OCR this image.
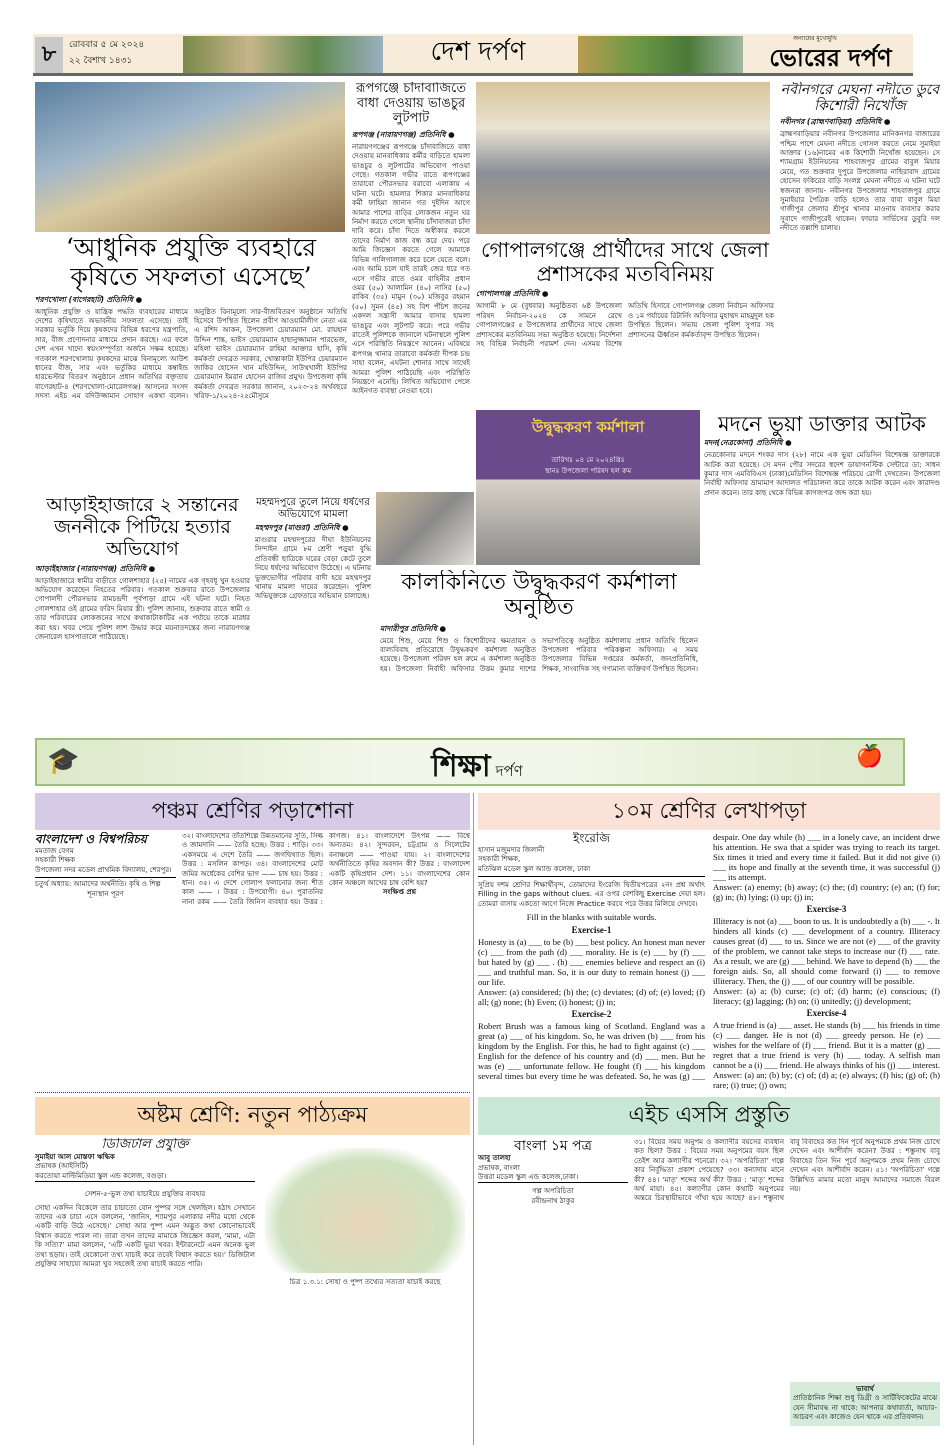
৮	রোববার ৫ মে ২০২৪
২২ বৈশাখ ১৪৩১	দেশ দর্পণ	অন্যায়ের মুখোমুখি
ভোরের দর্পণ
‘আধুনিক প্রযুক্তি ব্যবহারে কৃষিতে সফলতা এসেছে’
শরণখোলা (বাগেরহাট) প্রতিনিধি ●
আধুনিক প্রযুক্তি ও যান্ত্রিক পদ্ধতি ব্যবহারের মাধ্যমে দেশের কৃষিখাতে অভাবনীয় সফলতা এসেছে। তাই সরকার ভর্তুকি দিয়ে কৃষকদের বিভিন্ন ধরণের যন্ত্রপাতি, সার, বীজ প্রণোদনার মাধ্যমে প্রদান করছে। এর ফলে দেশ এখন খাদ্যে স্বয়ংসম্পূর্ণতা অর্জনে সক্ষম হয়েছে। গতকাল শরণখোলায় কৃষকদের মাঝে বিনামূল্যে আউশ ধানের বীজ, সার এবং ভর্তুকির মাধ্যমে কম্বাইন্ড হারভেস্টার বিতরণ অনুষ্ঠানে প্রধান অতিথির বক্তৃতায় বাগেরহাট-৪ (শরণখোলা-মোরেলগঞ্জ) আসনের সংসদ সদস্য এইচ এম বদিউজ্জামান সোহাগ একথা বলেন। অনুষ্ঠিত বিনামূল্যে সার-বীজবিতরণ অনুষ্ঠানে অতিথি হিসেবে উপস্থিত ছিলেন প্রবীণ আওয়ামীলীগ নেতা এম এ রশিদ আকন, উপজেলা চেয়ারম্যান মো. রায়হান উদ্দিন শান্ত, ভাইস চেয়ারম্যান হাছানুজ্জামান পারভেজ, মহিলা ভাইস চেয়ারম্যান রাহিমা আক্তার হাসি, কৃষি কর্মকর্তা দেবব্রত সরকার, খোন্তাকাটা ইউপির চেয়ারম্যান জাকির হোসেন খান মহিউদ্দিন, সাউথখালী ইউপির চেয়ারম্যান ইমরান হোসেন রাজিব প্রমুখ। উপজেলা কৃষি কর্মকর্তা দেবব্রত সরকার জানান, ২০২৩-২৪ অর্থবছরে খরিফ-১/২০২৪-২৫মৌসুমে
রূপগঞ্জে চাঁদাবাজিতে বাধা দেওয়ায় ভাঙচুর লুটপাট
রূপগঞ্জ (নারায়ণগঞ্জ) প্রতিনিধি ●
নারায়ণগঞ্জের রূপগঞ্জে চাঁদাবাজিতে বাধা দেওয়ায় মানবাধিকার কর্মীর বাড়িতে হামলা ভাঙচুর ও লুটপাটের অভিযোগ পাওয়া গেছে। গতকাল গভীর রাতে রূপগঞ্জের তারাবো পৌরসভার বরাবো এলাকায় এ ঘটনা ঘটে। হামলার শিকার মানবাধিকার কর্মী ফাহিমা জানান গত দুইদিন আগে আমার পাশের বাড়ির লোকজন নতুন ঘর নির্মাণ করতে গেলে স্থানীয় চাঁদাবাজরা চাঁদা দাবি করে। চাঁদা দিতে অস্বীকার করলে তাদের নির্মাণ কাজ বন্ধ করে দেয়। পরে আমি জিজ্ঞেস করতে গেলে আমাকে বিভিন্ন গালিগালাজ করে চলে যেতে বলে। এবং আমি চলে যাই তারই জের ধরে গত এসে গভীর রাতে ওমর বাহিনীর প্রধান ওমর (৫০) আলামিন (৪০) নাসির (৫০) রাকিব (৩৫) মামুন (৩০) মজিবুর রহমান (৫০) সুমন (৪৫) সহ বিশ পঁচিশ জনের একদল সন্ত্রাসী আমার বাসায় হামলা ভাঙচুর এবং লুটপাট করে। পরে গভীর রাতেই পুলিশকে জানালে ঘটনাস্থলে পুলিশ এসে পরিস্থিতি নিয়ন্ত্রণে আনেন। এবিষয়ে রূপগঞ্জ থানার তারাবো কর্মকর্তা দীপক চন্দ্র সাহা বলেন, এঘটনা শোনার সাথে সাথেই আমরা পুলিশ পাঠিয়েছি এবং পরিস্থিতি নিয়ন্ত্রণে এনেছি। লিখিত অভিযোগ পেলে আইনগত ব্যবস্থা নেওয়া হবে।
গোপালগঞ্জে প্রার্থীদের সাথে জেলা প্রশাসকের মতবিনিময়
গোপালগঞ্জ প্রতিনিধি ●
আগামী ৮ মে (বুধবার) অনুষ্ঠিতব্য ৬ষ্ঠ উপজেলা পরিষদ নির্বাচন-২০২৪ কে সামনে রেখে গোপালগঞ্জের ৫ উপজেলার প্রার্থীদের সাথে জেলা প্রশাসকের মতবিনিময় সভা অনুষ্ঠিত হয়েছে। নির্দেশনা সহ বিভিন্ন নির্বাচনী পরামর্শ দেন। এসময় বিশেষ অতিথি হিসাবে গোপালগঞ্জ জেলা নির্বাচন অফিসার ও ১ম পর্যায়ের রিটার্নিং অফিসার মুহাম্মদ মাহমুদুল হক উপস্থিত ছিলেন। সভায় জেলা পুলিশ সুপার সহ প্রশাসনের ঊর্ধ্বতন কর্মকর্তাবৃন্দ উপস্থিত ছিলেন।
নবীনগরে মেঘনা নদীতে ডুবে কিশোরী নিখোঁজ
নবীনগর (ব্রাহ্মণবাড়িয়া) প্রতিনিধি ●
ব্রাহ্মণবাড়িয়ার নবীনগর উপজেলার মানিকনগর বাজারের পশ্চিম পাশে মেঘনা নদীতে গোসল করতে নেমে সুমাইয়া আক্তার (১৬)নামের এক কিশোরী নিখোঁজ হয়েছেন। সে শ্যামগ্রাম ইউনিয়নের শাহবাজপুর গ্রামের বাবুল মিয়ার মেয়ে, গত শুক্রবার দুপুরে উপজেলার নাছিরাবাদ গ্রামের হোসেন ফকিরের বাড়ি সংলগ্ন মেঘনা নদীতে এ ঘটনা ঘটে স্বজনরা জানায়- নবীনগর উপজেলার শাহবাজপুর গ্রামে সুমাইয়ার পৈত্রিক বাড়ি হলেও তার বাবা বাবুল মিয়া গাজীপুর জেলার শ্রীপুর থানার মাওনায় ব্যবসার করার সুবাদে গাজীপুরেই থাকেন। ফায়ার সার্ভিসের ডুবুরি দল নদীতে তল্লাশি চালায়।
আড়াইহাজারে ২ সন্তানের জননীকে পিটিয়ে হত্যার অভিযোগ
আড়াইহাজার (নারায়ণগঞ্জ) প্রতিনিধি ●
আড়াইহাজারে স্বামীর বাড়ীতে গোলশাহার (২৫) নামের এক গৃহবধূ খুন হওয়ার অভিযোগ করেছেন নিহতের পরিবার। গতকাল শুক্রবার রাতে উপজেলার গোপালদী পৌরসভার রামচন্দ্রদী পূর্বপাড়া গ্রামে এই ঘটনা ঘটে। নিহত গোলশাহার ওই গ্রামের ফরিদ মিয়ার স্ত্রী। পুলিশ জানায়, শুক্রবার রাতে স্বামী ও তার পরিবারের লোকজনের সাথে কথাকাটাকাটির এক পর্যায়ে তাকে মারধর করা হয়। খবর পেয়ে পুলিশ লাশ উদ্ধার করে ময়নাতদন্তের জন্য নারায়ণগঞ্জ জেনারেল হাসপাতালে পাঠিয়েছে।
মহম্মদপুরে তুলে নিয়ে ধর্ষণের অভিযোগে মামলা
মহম্মদপুর (মাগুরা) প্রতিনিধি ●
মাগুরার মহম্মদপুরের দীঘা ইউনিয়নের সিন্দাইন গ্রামে ৮ম শ্রেণী পড়ুয়া বুদ্ধি প্রতিবন্ধী ছাত্রিকে ঘরের বেড়া কেটে তুলে নিয়ে ধর্ষণের অভিযোগ উঠেছে। এ ঘটনায় ভুক্তভোগীর পরিবার বাদী হয়ে মহম্মদপুর থানায় মামলা দায়ের করেছেন। পুলিশ অভিযুক্তকে গ্রেফতারে অভিযান চালাচ্ছে।
উদ্বুদ্ধকরণ কর্মশালা
তারিখঃ ০৪ মে ২০২৪খ্রিঃ
স্থানঃ উপজেলা পরিষদ হল রুম
কালকিনিতে উদ্বুদ্ধকরণ কর্মশালা অনুষ্ঠিত
মাদারীপুর প্রতিনিধি ●
মেয়ে শিশু, মেয়ে শিশু ও কিশোরীদের ক্ষমতায়ন ও বাল্যবিবাহ প্রতিরোধে উদ্বুদ্ধকরণ কর্মশালা অনুষ্ঠিত হয়েছে। উপজেলা পরিষদ হল রুমে এ কর্মশালা অনুষ্ঠিত হয়। উপজেলা নির্বাহী অফিসার উত্তম কুমার দাশের সভাপতিত্বে অনুষ্ঠিত কর্মশালায় প্রধান অতিথি ছিলেন উপজেলা পরিবার পরিকল্পনা অফিসার। এ সময় উপজেলার বিভিন্ন দপ্তরের কর্মকর্তা, জনপ্রতিনিধি, শিক্ষক, সাংবাদিক সহ গণ্যমান্য ব্যক্তিবর্গ উপস্থিত ছিলেন।
মদনে ভুয়া ডাক্তার আটক
মদন(নেত্রকোনা) প্রতিনিধি ●
নেত্রকোনার মদনে শংকর দাস (২৮) নামে এক ভুয়া মেডিসিন বিশেষজ্ঞ ডাক্তারকে আটক করা হয়েছে। সে মদন পৌর সদরের স্বদেশ ডায়াগনস্টিক সেন্টারে ডা: সাধন কুমার দাস এমবিবিএস (ঢাকা)মেডিসিন বিশেষজ্ঞ পরিচয়ে রোগী দেখতেন। উপজেলা নির্বাহী অফিসার ভ্রাম্যমাণ আদালত পরিচালনা করে তাকে আটক করেন এবং কারাদণ্ড প্রদান করেন। তার কাছ থেকে বিভিন্ন কাগজপত্র জব্দ করা হয়।
🎓	🍎
শিক্ষা দর্পণ
পঞ্চম শ্রেণির পড়াশোনা
বাংলাদেশ ও বিশ্বপরিচয়
মমতাজ বেগম
সহকারী শিক্ষক
উপজেলা সদর মডেল প্রাথমিক বিদ্যালয়, শেরপুর।
চতুর্থ অধ্যায়: আমাদের অর্থনীতি। কৃষি ও শিল্প
শূন্যস্থান পূরণ
৩২। বাংলাদেশের তাঁতশিল্পে উন্নতমানের সুতি, সিল্ক ও জামদানি —— তৈরি হচ্ছে। উত্তর : শাড়ি। ৩৩। একসময়ে এ দেশে তৈরি —— জগদ্বিখ্যাত ছিল। উত্তর : মসলিন কাপড়। ৩৪। বাংলাদেশের মোট জমির অর্ধেকের বেশির ভাগ —— চাষ হয়। উত্তর : ধান। ৩৫। এ দেশে গোলাপ ফলানোর জন্য শীত কাল —— । উত্তর : উপযোগী। ৪০। পুরাতনির নানা রকম —— তৈরি জিনিস ব্যবহার হয়। উত্তর : কাগজ। ৪১। বাংলাদেশে উৎপন্ন —— বিশ্বে অন্যতম। ৪২। সুন্দরবন, চট্টগ্রাম ও সিলেটের বনাঞ্চলে —— পাওয়া যায়। ২। বাংলাদেশের অর্থনীতিতে কৃষির অবদান কী? উত্তর : বাংলাদেশ একটি কৃষিপ্রধান দেশ। ১১। বাংলাদেশের কোন কোন অঞ্চলে আখের চাষ বেশি হয়?
সংক্ষিপ্ত প্রশ্ন
১০ম শ্রেণির লেখাপড়া
ইংরেজি
হাসান মজুমদার জিলানী
সহকারী শিক্ষক,
মতিঝিল মডেল স্কুল অ্যান্ড কলেজ, ঢাকা
সুপ্রিয় দশম শ্রেণির শিক্ষার্থীবৃন্দ, তোমাদের ইংরেজি দ্বিতীয়পত্রের ২নং প্রশ্ন অর্থাৎ Filling in the gaps without clues. এর ওপর বেশকিছু Exercise দেয়া হল। তোমরা বাসায় একতো আগে নিজে Practice করবে পরে উত্তর মিলিয়ে দেখবে।
Fill in the blanks with suitable words.
Exercise-1
Honesty is (a) ___ to be (b) ___ best policy. An honest man never (c) ___ from the path (d) ___ morality. He is (e) ___ by (f) ___ but hated by (g) ___ . (h) ___ enemies believe and respect an (i) ___ and truthful man. So, it is our duty to remain honest (j) ___ our life.
Answer: (a) considered; (b) the; (c) deviates; (d) of; (e) loved; (f) all; (g) none; (h) Even; (i) honest; (j) in;
Exercise-2
Robert Brush was a famous king of Scotland. England was a great (a) ___ of his kingdom. So, he was driven (b) ___ from his kingdom by the English. For this, he had to fight against (c) ___ English for the defence of his country and (d) ___ men. But he was (e) ___ unfortunate fellow. He fought (f) ___ his kingdom several times but every time he was defeated. So, he was (g) ___ despair. One day while (h) ___ in a lonely cave, an incident drwe his attention. He swa that a spider was trying to reach its target. Six times it tried and every time it failed. But it did not give (i) ___ its hope and finally at the seventh time, it was successful (j) ___ its attempt.
Answer: (a) enemy; (b) away; (c) the; (d) country; (e) an; (f) for; (g) in; (h) lying; (i) up; (j) in;
Exercise-3
Illiteracy is not (a) ___ boon to us. It is undoubtedly a (b) ___ -. It hinders all kinds (c) ___ development of a country. Illiteracy causes great (d) ___ to us. Since we are not (e) ___ of the gravity of the problem, we cannot take steps to increase our (f) ___ rate. As a result, we are (g) ___ behind. We have to depend (h) ___ the foreign aids. So, all should come forward (i) ___ to remove illiteracy. Then, the (j) ___ of our country will be possible.
Answer: (a) a; (b) curse; (c) of; (d) harm; (e) conscious; (f) literacy; (g) lagging; (h) on; (i) unitedly; (j) development;
Exercise-4
A true friend is (a) ___ asset. He stands (b) ___ his friends in time (c) ___ danger. He is not (d) ___ greedy person. He (e) ___ wishes for the welfare of (f) ___ friend. But it is a matter (g) ___ regret that a true friend is very (h) ___ today. A selfish man cannot be a (i) ___ friend. He always thinks of his (j) ___ interest.
Answer: (a) an; (b) by; (c) of; (d) a; (e) always; (f) his; (g) of; (h) rare; (i) true; (j) own;
অষ্টম শ্রেণি: নতুন পাঠ্যক্রম
ডিজিটাল প্রযুক্তি
সুমাইয়া আল মোস্তফা ঋদ্ধিক
প্রভাষক (আইসিটি)
করতোয়া মাল্টিমিডিয়া স্কুল এন্ড কলেজ, বগুড়া।
সেশন-৫-ভুল তথ্য যাচাইয়ে প্রযুক্তির ব্যবহার
সোহা একদিন বিকেলে তার চাচাতো বোন পুষ্পর সঙ্গে খেলছিল। হঠাৎ সেখানে তাদের এক চাচা এসে বললেন, ‘জানিস, শ্যামপুর এলাকার নদীর মধ্যে থেকে একটি বাড়ি উঠে এসেছে।’ সোহা আর পুষ্প এমন অদ্ভুত কথা কোনোভাবেই বিশ্বাস করতে পারল না। তারা তখন তাদের মামাকে জিজ্ঞেস করল, ‘মামা, এটা কি সত্যি?’ মামা বললেন, ‘এটি একটি ভুয়া খবর। ইন্টারনেটে এমন অনেক ভুল তথ্য ছড়ায়। তাই যেকোনো তথ্য যাচাই করে তবেই বিশ্বাস করতে হয়।’ ডিজিটাল প্রযুক্তির সাহায্যে আমরা খুব সহজেই তথ্য যাচাই করতে পারি।
চিত্র ১.৩.১: সোহা ও পুষ্প তথ্যের সত্যতা যাচাই করছে
এইচ এসসি প্রস্তুতি
বাংলা ১ম পত্র
আবু তালহা
প্রভাষক, বাংলা
উত্তরা মডেল স্কুল এন্ড কলেজ,ঢাকা।
গল্প অপরিচিতা
রবীন্দ্রনাথ ঠাকুর
৩১। বিয়ের সময় অনুপম ও কল্যাণীর বয়সের ব্যবধান কত ছিল? উত্তর : বিয়ের সময় অনুপমের বয়স ছিল তেইশ আর কল্যাণীর পনেরো। ৩২। ‘অপরিচিতা’ গল্পে কার নির্বুদ্ধিতা প্রকাশ পেয়েছে? ৩৩। কন্যাদায় মানে কী? ৪৪। ‘মাতৃ’ শব্দের অর্থ কী? উত্তর : ‘মাতৃ’ শব্দের অর্থ মায়া। ৪৫। কল্যাণীর কোন কথাটি অনুপমের অন্তরে চিরস্থায়ীভাবে গাঁথা হয়ে আছে? ৪৮। শম্ভুনাথ বাবু বিবাহের কত দিন পূর্বে অনুপমকে প্রথম নিজ চোখে দেখেন এবং আশীর্বাদ করেন? উত্তর : শম্ভুনাথ বাবু বিবাহের তিন দিন পূর্বে অনুপমকে প্রথম নিজ চোখে দেখেন এবং আশীর্বাদ করেন। ৫১। ‘অপরিচিতা’ গল্পে উল্লিখিত মামার মতো মানুষ আমাদের সমাজে বিরল নয়।
ভাবার্থ
প্রাতিষ্ঠানিক শিক্ষা শুধু ডিগ্রী ও সার্টিফিকেটের মাঝে যেন সীমাবদ্ধ না থাকে: আপনার কথাবার্তা, আচার-আচরণ এবং কাজেও যেন থাকে এর প্রতিফলন।
